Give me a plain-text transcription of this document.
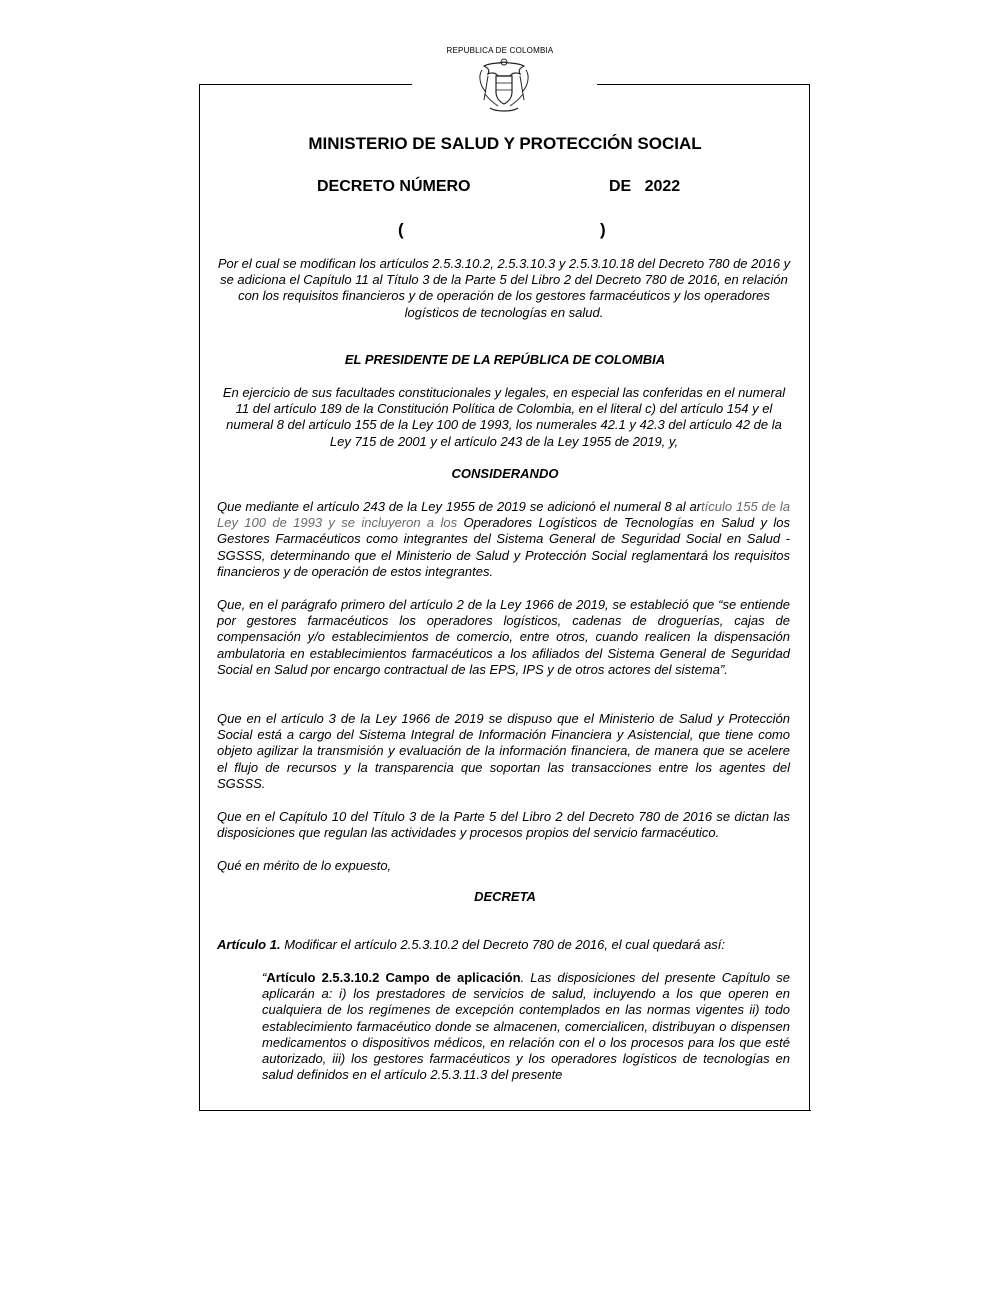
REPUBLICA DE COLOMBIA
MINISTERIO DE SALUD Y PROTECCIÓN SOCIAL
DECRETO NÚMERO	DE   2022
(	)
Por el cual se modifican los artículos 2.5.3.10.2, 2.5.3.10.3 y 2.5.3.10.18 del Decreto 780 de 2016 y se adiciona el Capítulo 11 al Título 3 de la Parte 5 del Libro 2 del Decreto 780 de 2016, en relación con los requisitos financieros y de operación de los gestores farmacéuticos y los operadores logísticos de tecnologías en salud.
EL PRESIDENTE DE LA REPÚBLICA DE COLOMBIA
En ejercicio de sus facultades constitucionales y legales, en especial las conferidas en el numeral 11 del artículo 189 de la Constitución Política de Colombia, en el literal c) del artículo 154 y el numeral 8 del artículo 155 de la Ley 100 de 1993, los numerales 42.1 y 42.3 del artículo 42 de la Ley 715 de 2001 y el artículo 243 de la Ley 1955 de 2019, y,
CONSIDERANDO
Que mediante el artículo 243 de la Ley 1955 de 2019 se adicionó el numeral 8 al artículo 155 de la Ley 100 de 1993 y se incluyeron a los Operadores Logísticos de Tecnologías en Salud y los Gestores Farmacéuticos como integrantes del Sistema General de Seguridad Social en Salud - SGSSS, determinando que el Ministerio de Salud y Protección Social reglamentará los requisitos financieros y de operación de estos integrantes.
Que, en el parágrafo primero del artículo 2 de la Ley 1966 de 2019, se estableció que “se entiende por gestores farmacéuticos los operadores logísticos, cadenas de droguerías, cajas de compensación y/o establecimientos de comercio, entre otros, cuando realicen la dispensación ambulatoria en establecimientos farmacéuticos a los afiliados del Sistema General de Seguridad Social en Salud por encargo contractual de las EPS, IPS y de otros actores del sistema”.
Que en el artículo 3 de la Ley 1966 de 2019 se dispuso que el Ministerio de Salud y Protección Social está a cargo del Sistema Integral de Información Financiera y Asistencial, que tiene como objeto agilizar la transmisión y evaluación de la información financiera, de manera que se acelere el flujo de recursos y la transparencia que soportan las transacciones entre los agentes del SGSSS.
Que en el Capítulo 10 del Título 3 de la Parte 5 del Libro 2 del Decreto 780 de 2016 se dictan las disposiciones que regulan las actividades y procesos propios del servicio farmacéutico.
Qué en mérito de lo expuesto,
DECRETA
Artículo 1. Modificar el artículo 2.5.3.10.2 del Decreto 780 de 2016, el cual quedará así:
“Artículo 2.5.3.10.2 Campo de aplicación. Las disposiciones del presente Capítulo se aplicarán a: i) los prestadores de servicios de salud, incluyendo a los que operen en cualquiera de los regímenes de excepción contemplados en las normas vigentes ii) todo establecimiento farmacéutico donde se almacenen, comercialicen, distribuyan o dispensen medicamentos o dispositivos médicos, en relación con el o los procesos para los que esté autorizado, iii) los gestores farmacéuticos y los operadores logísticos de tecnologías en salud definidos en el artículo 2.5.3.11.3 del presente
